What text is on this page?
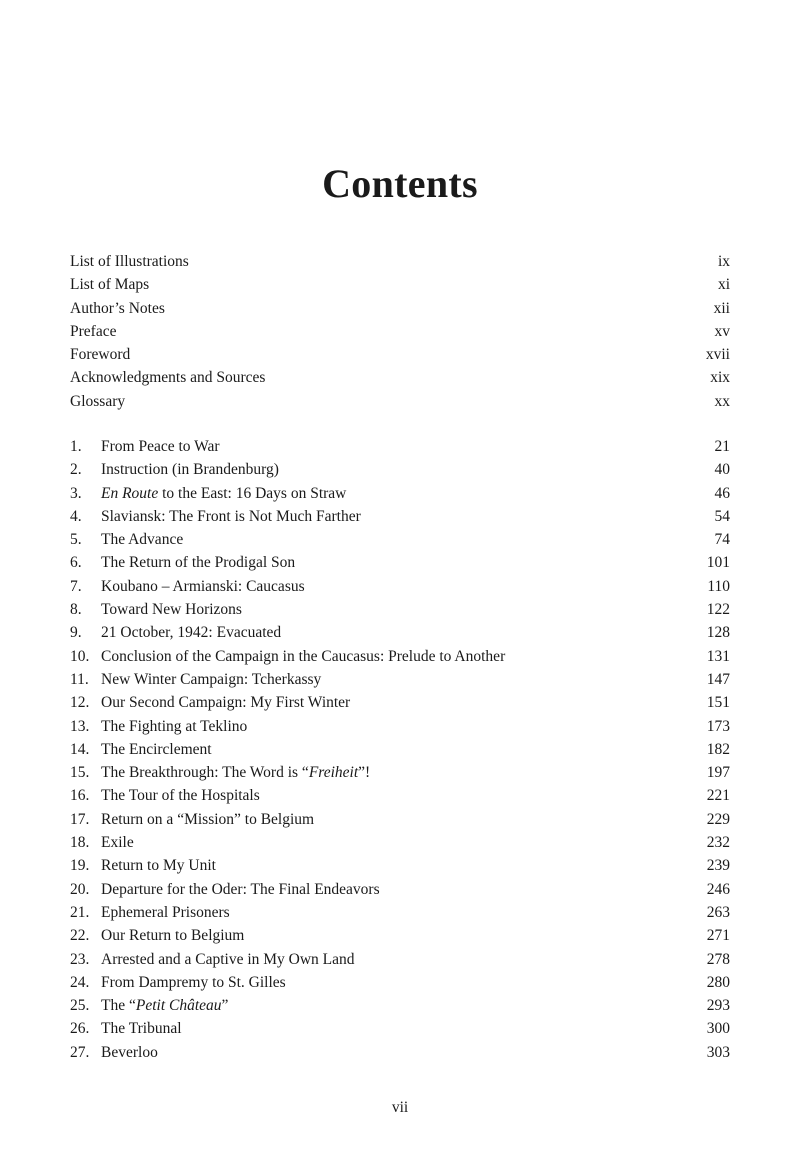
Contents
List of Illustrations	ix
List of Maps	xi
Author’s Notes	xii
Preface	xv
Foreword	xvii
Acknowledgments and Sources	xix
Glossary	xx
1.	From Peace to War	21
2.	Instruction (in Brandenburg)	40
3.	En Route to the East: 16 Days on Straw	46
4.	Slaviansk: The Front is Not Much Farther	54
5.	The Advance	74
6.	The Return of the Prodigal Son	101
7.	Koubano – Armianski: Caucasus	110
8.	Toward New Horizons	122
9.	21 October, 1942: Evacuated	128
10. Conclusion of the Campaign in the Caucasus: Prelude to Another	131
11. New Winter Campaign: Tcherkassy	147
12. Our Second Campaign: My First Winter	151
13. The Fighting at Teklino	173
14. The Encirclement	182
15. The Breakthrough: The Word is “Freiheit”!	197
16. The Tour of the Hospitals	221
17. Return on a “Mission” to Belgium	229
18. Exile	232
19. Return to My Unit	239
20. Departure for the Oder: The Final Endeavors	246
21. Ephemeral Prisoners	263
22. Our Return to Belgium	271
23. Arrested and a Captive in My Own Land	278
24. From Dampremy to St. Gilles	280
25. The “Petit Château”	293
26. The Tribunal	300
27. Beverloo	303
vii
